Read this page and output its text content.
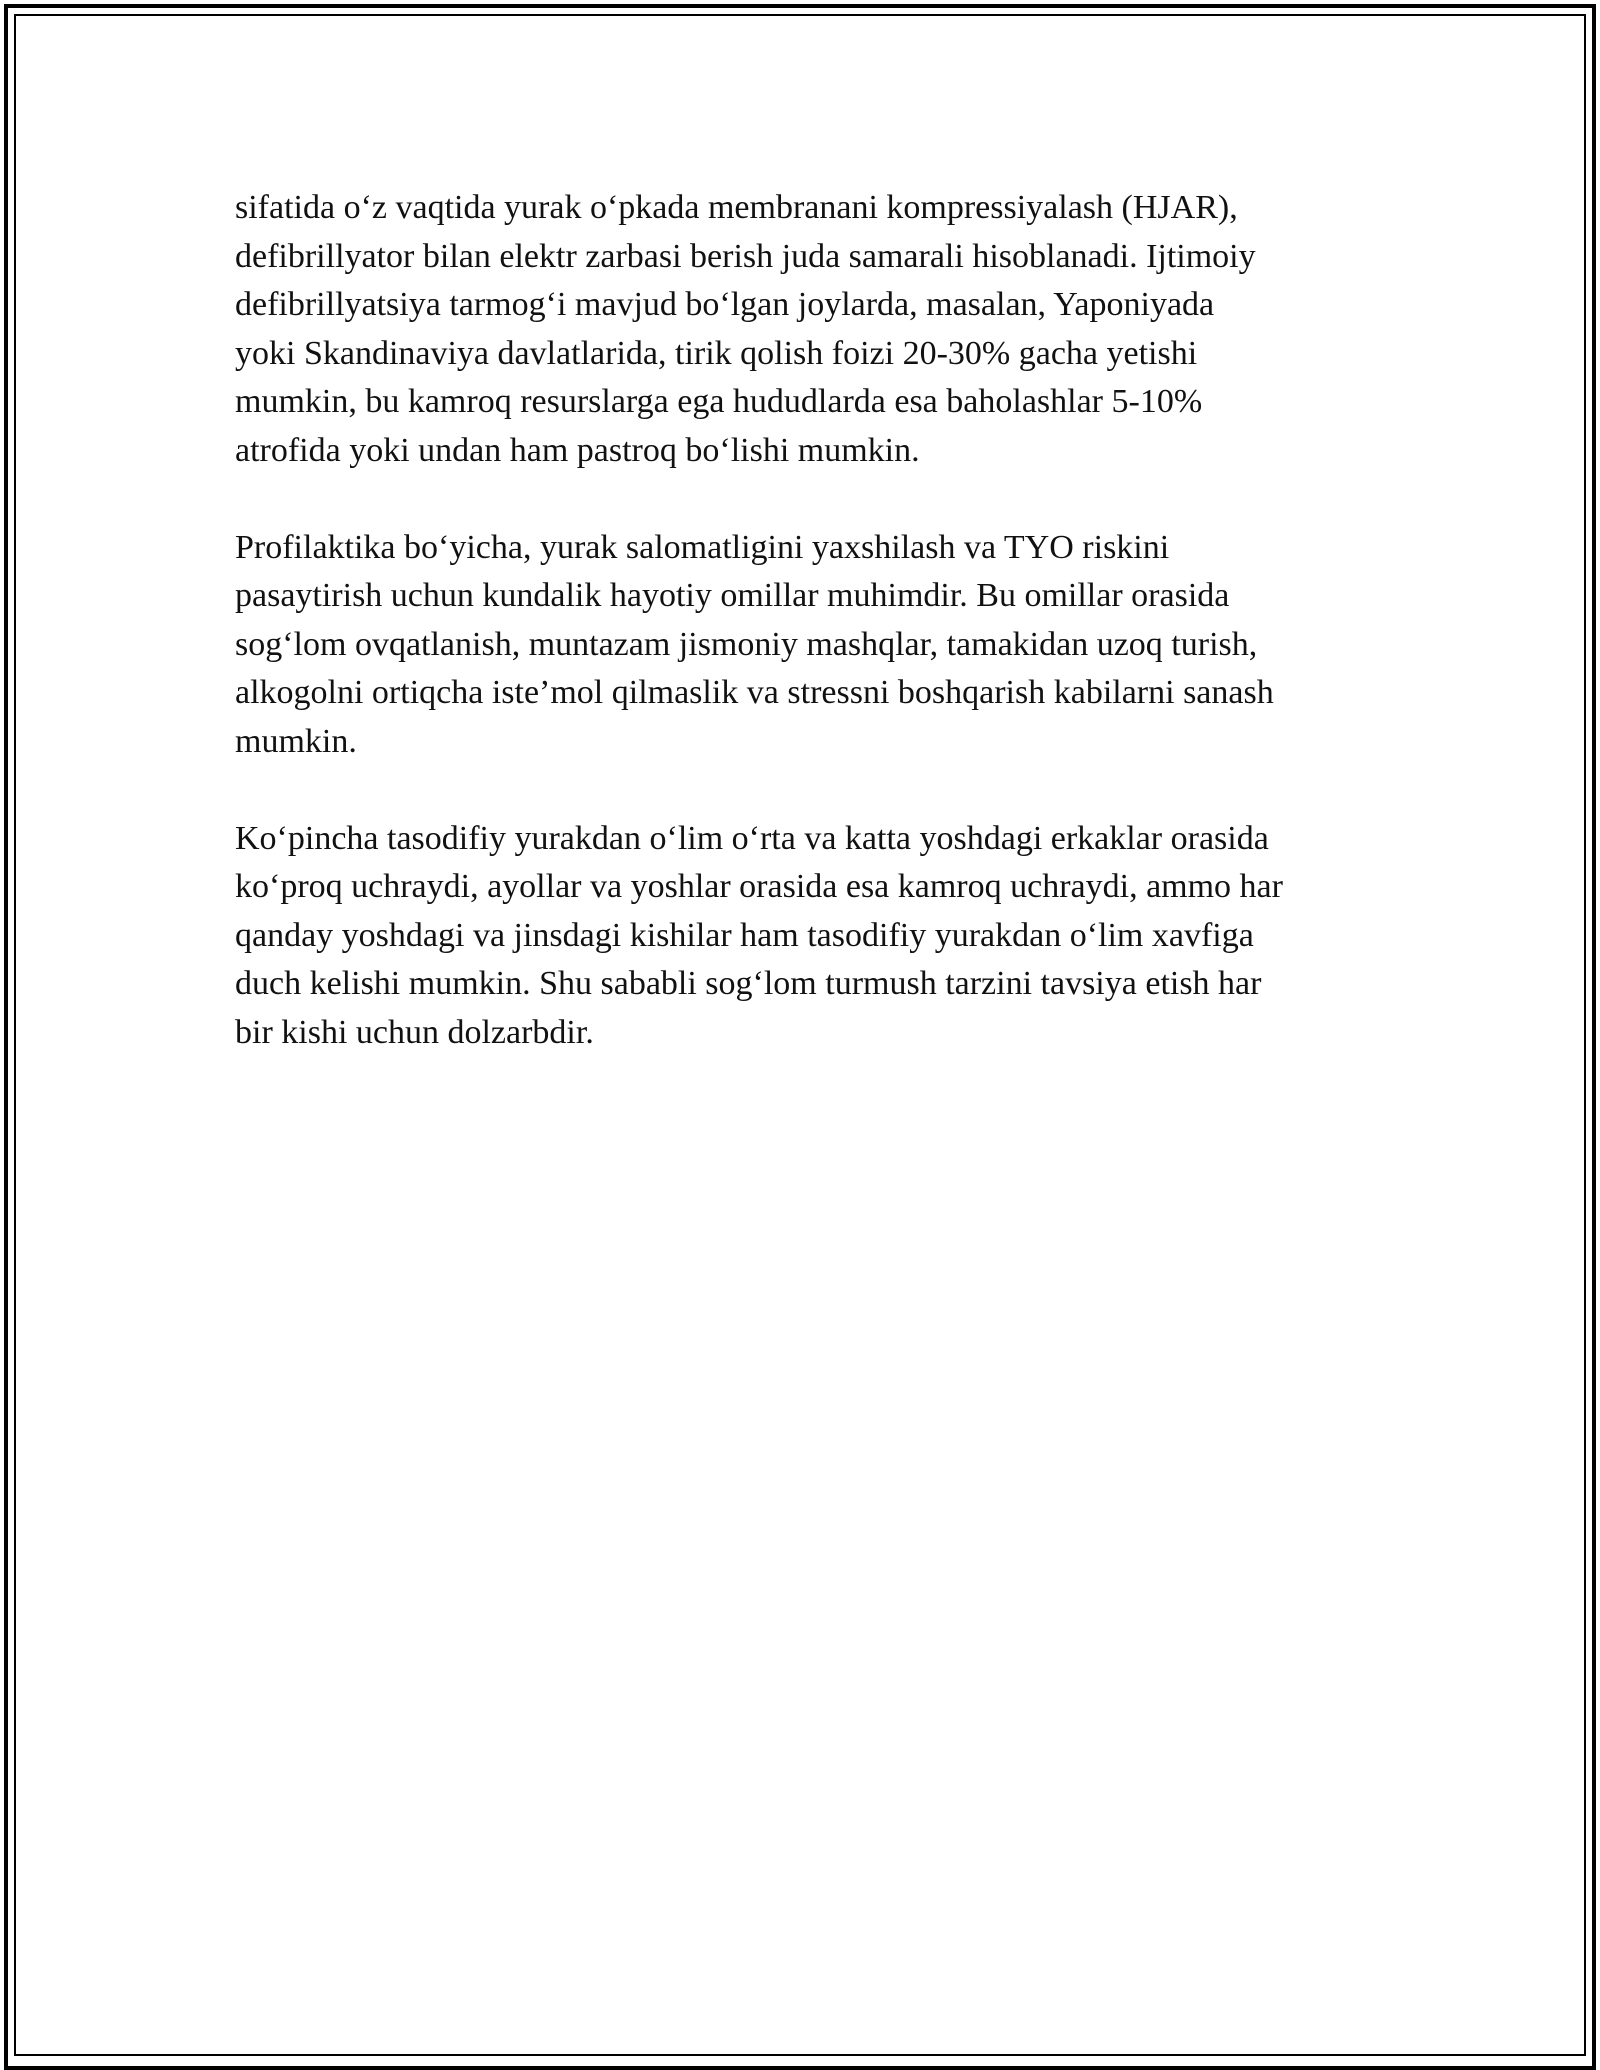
sifatida o‘z vaqtida yurak o‘pkada membranani kompressiyalash (HJAR),
defibrillyator bilan elektr zarbasi berish juda samarali hisoblanadi. Ijtimoiy
defibrillyatsiya tarmog‘i mavjud bo‘lgan joylarda, masalan, Yaponiyada
yoki Skandinaviya davlatlarida, tirik qolish foizi 20-30% gacha yetishi
mumkin, bu kamroq resurslarga ega hududlarda esa baholashlar 5-10%
atrofida yoki undan ham pastroq bo‘lishi mumkin.

Profilaktika bo‘yicha, yurak salomatligini yaxshilash va TYO riskini
pasaytirish uchun kundalik hayotiy omillar muhimdir. Bu omillar orasida
sog‘lom ovqatlanish, muntazam jismoniy mashqlar, tamakidan uzoq turish,
alkogolni ortiqcha iste’mol qilmaslik va stressni boshqarish kabilarni sanash
mumkin.

Ko‘pincha tasodifiy yurakdan o‘lim o‘rta va katta yoshdagi erkaklar orasida
ko‘proq uchraydi, ayollar va yoshlar orasida esa kamroq uchraydi, ammo har
qanday yoshdagi va jinsdagi kishilar ham tasodifiy yurakdan o‘lim xavfiga
duch kelishi mumkin. Shu sababli sog‘lom turmush tarzini tavsiya etish har
bir kishi uchun dolzarbdir.
